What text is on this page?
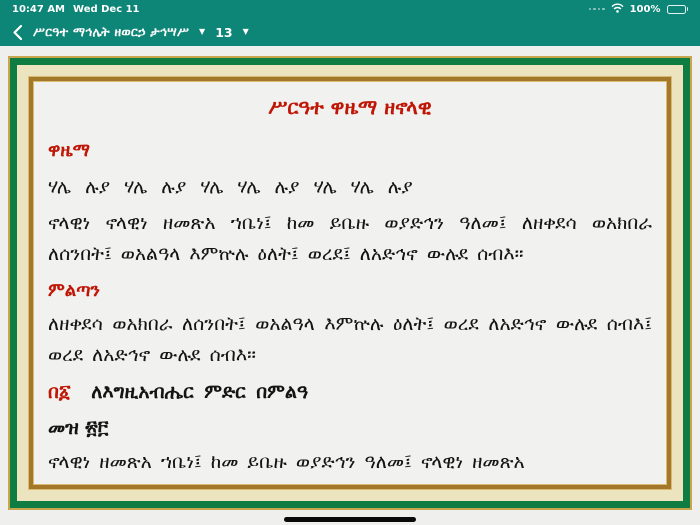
10:47 AM Wed Dec 11	100%
ሥርዓተ ማኅሌት ዘወርኃ ታኅሣሥ ▼ 13 ▼
ሥርዓተ ዋዜማ ዘኖላዊ
ዋዜማ

ሃሌ ሉያ ሃሌ ሉያ ሃሌ ሃሌ ሉያ ሃሌ ሃሌ ሉያ

ኖላዊነ ኖላዊነ ዘመጽአ ኀቤነ፤ ከመ ይቤዙ ወያድኅን ዓለመ፤ ለዘቀደሳ ወአክበራ ለሰንበት፤ ወአልዓላ እምኵሉ ዕለት፤ ወረደ፤ ለአድኅኖ ውሉደ ሰብእ።

ምልጣን

ለዘቀደሳ ወአክበራ ለሰንበት፤ ወአልዓላ እምኵሉ ዕለት፤ ወረደ ለአድኅኖ ውሉደ ሰብእ፤ ወረደ ለአድኅኖ ውሉደ ሰብእ።

በ፩ ለእግዚአብሔር ምድር በምልዓ
መዝ ፳፫

ኖላዊነ ዘመጽአ ኀቤነ፤ ከመ ይቤዙ ወያድኅን ዓለመ፤ ኖላዊነ ዘመጽአ
